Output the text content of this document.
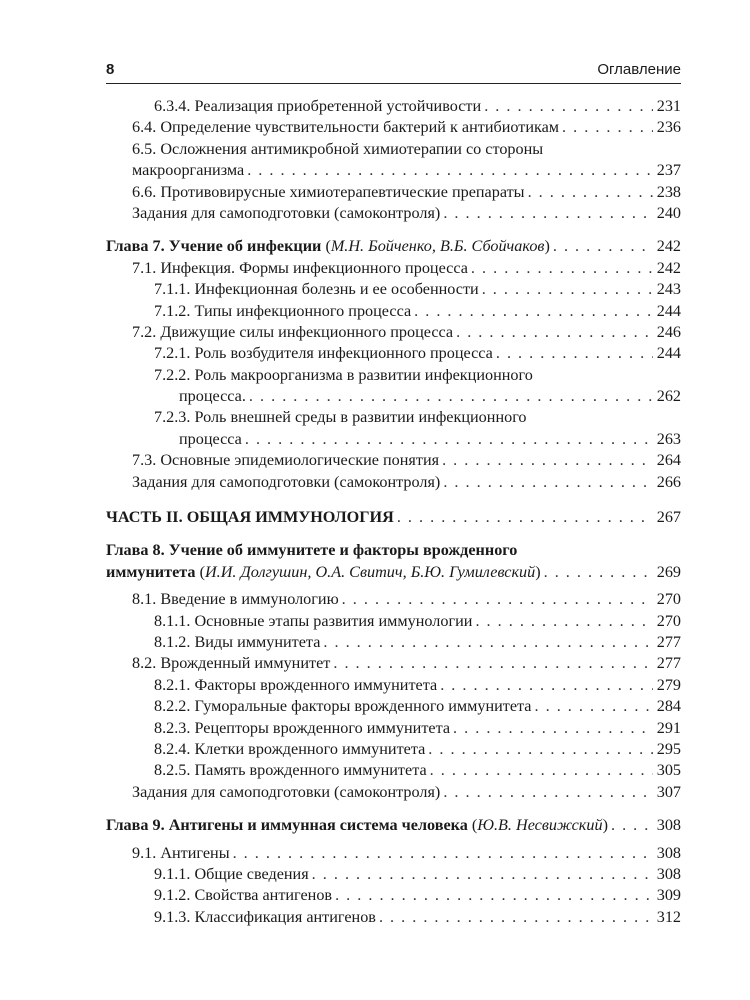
8	Оглавление
6.3.4. Реализация приобретенной устойчивости . . .	231
6.4. Определение чувствительности бактерий к антибиотикам . . .	236
6.5. Осложнения антимикробной химиотерапии со стороны
макроорганизма . . .	237
6.6. Противовирусные химиотерапевтические препараты . . .	238
Задания для самоподготовки (самоконтроля) . . .	240
Глава 7. Учение об инфекции (М.Н. Бойченко, В.Б. Сбойчаков) . . .	242
7.1. Инфекция. Формы инфекционного процесса . . .	242
7.1.1. Инфекционная болезнь и ее особенности . . .	243
7.1.2. Типы инфекционного процесса . . .	244
7.2. Движущие силы инфекционного процесса . . .	246
7.2.1. Роль возбудителя инфекционного процесса . . .	244
7.2.2. Роль макроорганизма в развитии инфекционного
процесса. . . .	262
7.2.3. Роль внешней среды в развитии инфекционного
процесса . . .	263
7.3. Основные эпидемиологические понятия . . .	264
Задания для самоподготовки (самоконтроля) . . .	266
ЧАСТЬ II. ОБЩАЯ ИММУНОЛОГИЯ . . .	267
Глава 8. Учение об иммунитете и факторы врожденного
иммунитета (И.И. Долгушин, О.А. Свитич, Б.Ю. Гумилевский) . . .	269
8.1. Введение в иммунологию . . .	270
8.1.1. Основные этапы развития иммунологии . . .	270
8.1.2. Виды иммунитета . . .	277
8.2. Врожденный иммунитет . . .	277
8.2.1. Факторы врожденного иммунитета . . .	279
8.2.2. Гуморальные факторы врожденного иммунитета . . .	284
8.2.3. Рецепторы врожденного иммунитета . . .	291
8.2.4. Клетки врожденного иммунитета . . .	295
8.2.5. Память врожденного иммунитета . . .	305
Задания для самоподготовки (самоконтроля) . . .	307
Глава 9. Антигены и иммунная система человека (Ю.В. Несвижский) . . .	308
9.1. Антигены . . .	308
9.1.1. Общие сведения . . .	308
9.1.2. Свойства антигенов . . .	309
9.1.3. Классификация антигенов . . .	312
